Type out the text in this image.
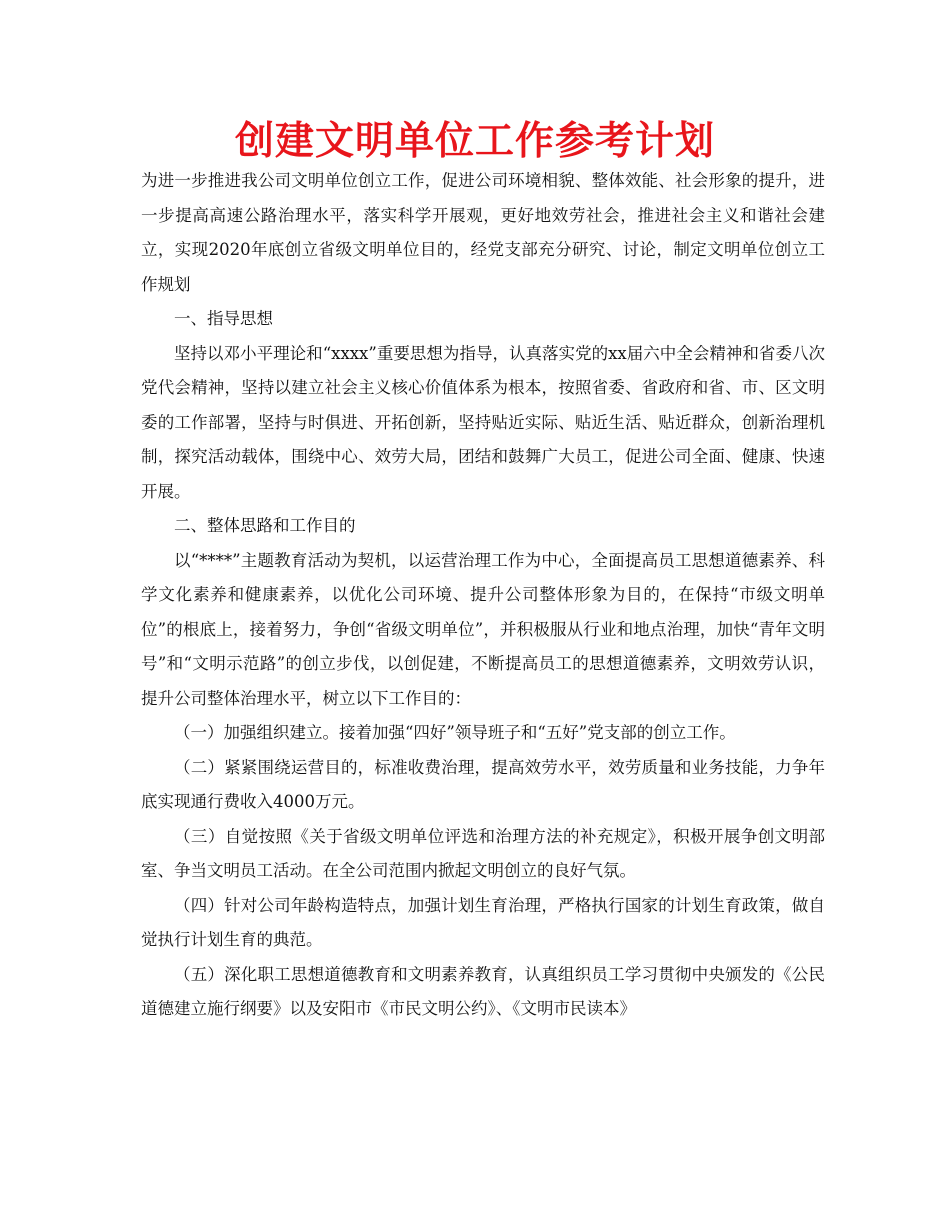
创建文明单位工作参考计划

为进一步推进我公司文明单位创立工作，促进公司环境相貌、整体效能、社会形象的提升，进一步提高高速公路治理水平，落实科学开展观，更好地效劳社会，推进社会主义和谐社会建立，实现2020年底创立省级文明单位目的，经党支部充分研究、讨论，制定文明单位创立工作规划

一、指导思想

坚持以邓小平理论和“xxxx”重要思想为指导，认真落实党的xx届六中全会精神和省委八次党代会精神，坚持以建立社会主义核心价值体系为根本，按照省委、省政府和省、市、区文明委的工作部署，坚持与时俱进、开拓创新，坚持贴近实际、贴近生活、贴近群众，创新治理机制，探究活动载体，围绕中心、效劳大局，团结和鼓舞广大员工，促进公司全面、健康、快速开展。

二、整体思路和工作目的

以“****”主题教育活动为契机，以运营治理工作为中心，全面提高员工思想道德素养、科学文化素养和健康素养，以优化公司环境、提升公司整体形象为目的，在保持“市级文明单位”的根底上，接着努力，争创“省级文明单位”，并积极服从行业和地点治理，加快“青年文明号”和“文明示范路”的创立步伐，以创促建，不断提高员工的思想道德素养，文明效劳认识，提升公司整体治理水平，树立以下工作目的：

（一）加强组织建立。接着加强“四好”领导班子和“五好”党支部的创立工作。

（二）紧紧围绕运营目的，标准收费治理，提高效劳水平，效劳质量和业务技能，力争年底实现通行费收入4000万元。

（三）自觉按照《关于省级文明单位评选和治理方法的补充规定》，积极开展争创文明部室、争当文明员工活动。在全公司范围内掀起文明创立的良好气氛。

（四）针对公司年龄构造特点，加强计划生育治理，严格执行国家的计划生育政策，做自觉执行计划生育的典范。

（五）深化职工思想道德教育和文明素养教育，认真组织员工学习贯彻中央颁发的《公民道德建立施行纲要》以及安阳市《市民文明公约》、《文明市民读本》
